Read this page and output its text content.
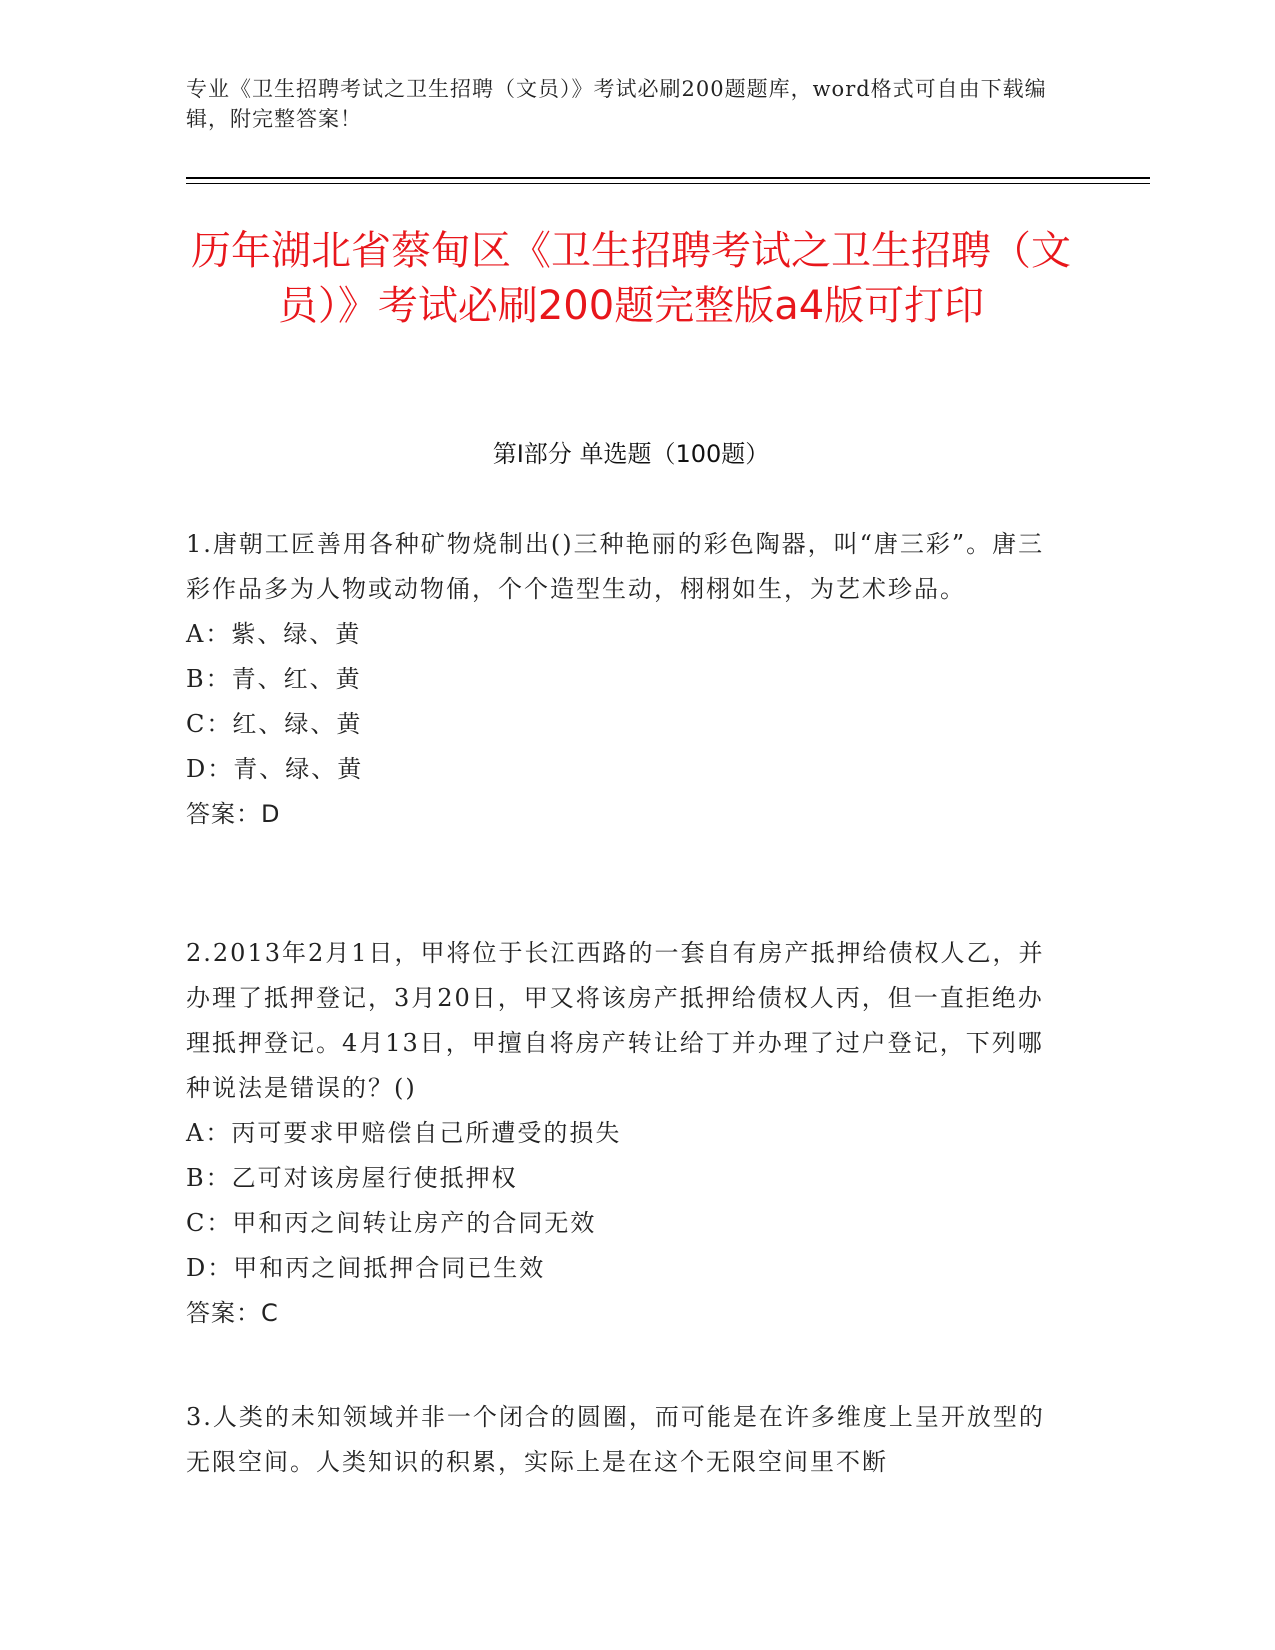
专业《卫生招聘考试之卫生招聘（文员）》考试必刷200题题库，word格式可自由下载编辑，附完整答案！
历年湖北省蔡甸区《卫生招聘考试之卫生招聘（文员）》考试必刷200题完整版a4版可打印
第I部分 单选题（100题）

1.唐朝工匠善用各种矿物烧制出()三种艳丽的彩色陶器，叫“唐三彩”。唐三彩作品多为人物或动物俑，个个造型生动，栩栩如生，为艺术珍品。

A：紫、绿、黄

B：青、红、黄

C：红、绿、黄

D：青、绿、黄

答案：D

2.2013年2月1日，甲将位于长江西路的一套自有房产抵押给债权人乙，并办理了抵押登记，3月20日，甲又将该房产抵押给债权人丙，但一直拒绝办理抵押登记。4月13日，甲擅自将房产转让给丁并办理了过户登记，下列哪种说法是错误的？()

A：丙可要求甲赔偿自己所遭受的损失

B：乙可对该房屋行使抵押权

C：甲和丙之间转让房产的合同无效

D：甲和丙之间抵押合同已生效

答案：C

3.人类的未知领域并非一个闭合的圆圈，而可能是在许多维度上呈开放型的无限空间。人类知识的积累，实际上是在这个无限空间里不断
